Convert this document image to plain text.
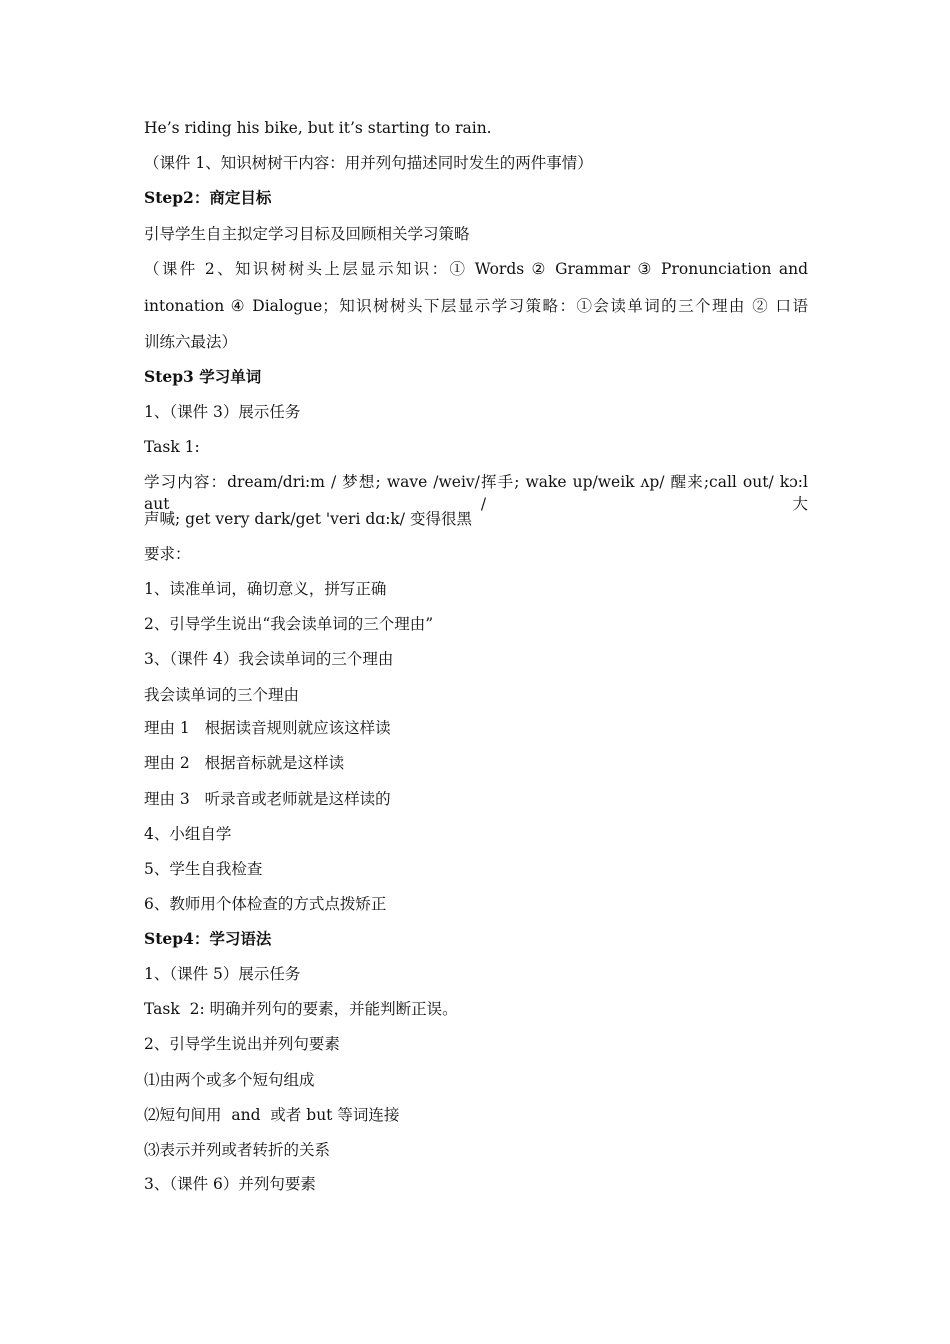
He’s riding his bike, but it’s starting to rain.
（课件 1、知识树树干内容：用并列句描述同时发生的两件事情）
Step2：商定目标
引导学生自主拟定学习目标及回顾相关学习策略
（课件 2、知识树树头上层显示知识：① Words ② Grammar ③ Pronunciation and
intonation ④ Dialogue；知识树树头下层显示学习策略：①会读单词的三个理由 ② 口语
训练六最法）
Step3 学习单词
1、（课件 3）展示任务
Task 1:
学习内容：dream/dri:m / 梦想; wave /weiv/挥手; wake up/weik ʌp/ 醒来;call out/ kɔ:l aut /大
声喊; get very dark/get 'veri dɑ:k/ 变得很黑
要求：
1、读准单词，确切意义，拼写正确
2、引导学生说出“我会读单词的三个理由”
3、（课件 4）我会读单词的三个理由
我会读单词的三个理由
理由 1   根据读音规则就应该这样读
理由 2   根据音标就是这样读
理由 3   听录音或老师就是这样读的
4、小组自学
5、学生自我检查
6、教师用个体检查的方式点拨矫正
Step4：学习语法
1、（课件 5）展示任务
Task  2: 明确并列句的要素，并能判断正误。
2、引导学生说出并列句要素
⑴由两个或多个短句组成
⑵短句间用  and  或者 but 等词连接
⑶表示并列或者转折的关系
3、（课件 6）并列句要素
